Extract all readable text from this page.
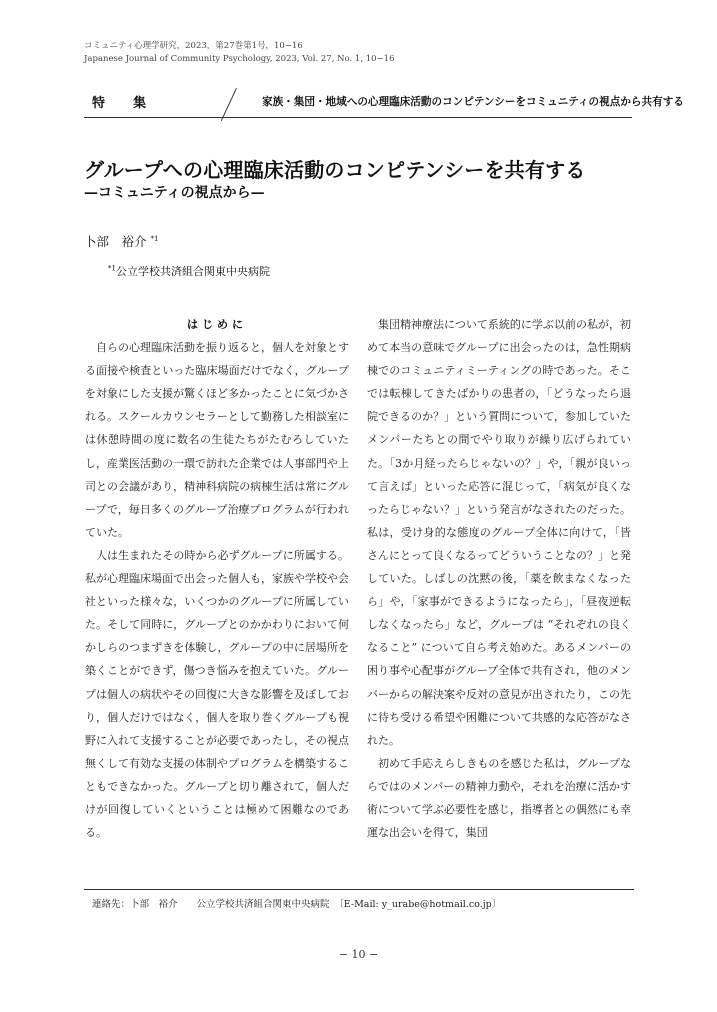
コミュニティ心理学研究，2023，第27巻第1号，10−16
Japanese Journal of Community Psychology, 2023, Vol. 27, No. 1, 10−16
特集	家族・集団・地域への心理臨床活動のコンピテンシーをコミュニティの視点から共有する
グループへの心理臨床活動のコンピテンシーを共有する
—コミュニティの視点から—
卜部　裕介 $^{*1}$
$^{*1}$公立学校共済組合関東中央病院
はじめに

自らの心理臨床活動を振り返ると，個人を対象とする面接や検査といった臨床場面だけでなく，グループを対象にした支援が驚くほど多かったことに気づかされる。スクールカウンセラーとして勤務した相談室には休憩時間の度に数名の生徒たちがたむろしていたし，産業医活動の一環で訪れた企業では人事部門や上司との会議があり，精神科病院の病棟生活は常にグループで，毎日多くのグループ治療プログラムが行われていた。

人は生まれたその時から必ずグループに所属する。私が心理臨床場面で出会った個人も，家族や学校や会社といった様々な，いくつかのグループに所属していた。そして同時に，グループとのかかわりにおいて何かしらのつまずきを体験し，グループの中に居場所を築くことができず，傷つき悩みを抱えていた。グループは個人の病状やその回復に大きな影響を及ぼしており，個人だけではなく，個人を取り巻くグループも視野に入れて支援することが必要であったし，その視点無くして有効な支援の体制やプログラムを構築することもできなかった。グループと切り離されて，個人だけが回復していくということは極めて困難なのである。

集団精神療法について系統的に学ぶ以前の私が，初めて本当の意味でグループに出会ったのは，急性期病棟でのコミュニティミーティングの時であった。そこでは転棟してきたばかりの患者の，「どうなったら退院できるのか？」という質問について，参加していたメンバーたちとの間でやり取りが繰り広げられていた。「3か月経ったらじゃないの？」や，「親が良いって言えば」といった応答に混じって，「病気が良くなったらじゃない？」という発言がなされたのだった。私は，受け身的な態度のグループ全体に向けて，「皆さんにとって良くなるってどういうことなの？」と発していた。しばしの沈黙の後，「薬を飲まなくなったら」や，「家事ができるようになったら」，「昼夜逆転しなくなったら」など，グループは “それぞれの良くなること” について自ら考え始めた。あるメンバーの困り事や心配事がグループ全体で共有され，他のメンバーからの解決案や反対の意見が出されたり，この先に待ち受ける希望や困難について共感的な応答がなされた。

初めて手応えらしきものを感じた私は，グループならではのメンバーの精神力動や，それを治療に活かす術について学ぶ必要性を感じ，指導者との偶然にも幸運な出会いを得て，集団

連絡先：卜部　裕介　　公立学校共済組合関東中央病院　〔E-Mail: y_urabe@hotmail.co.jp〕
− 10 −
